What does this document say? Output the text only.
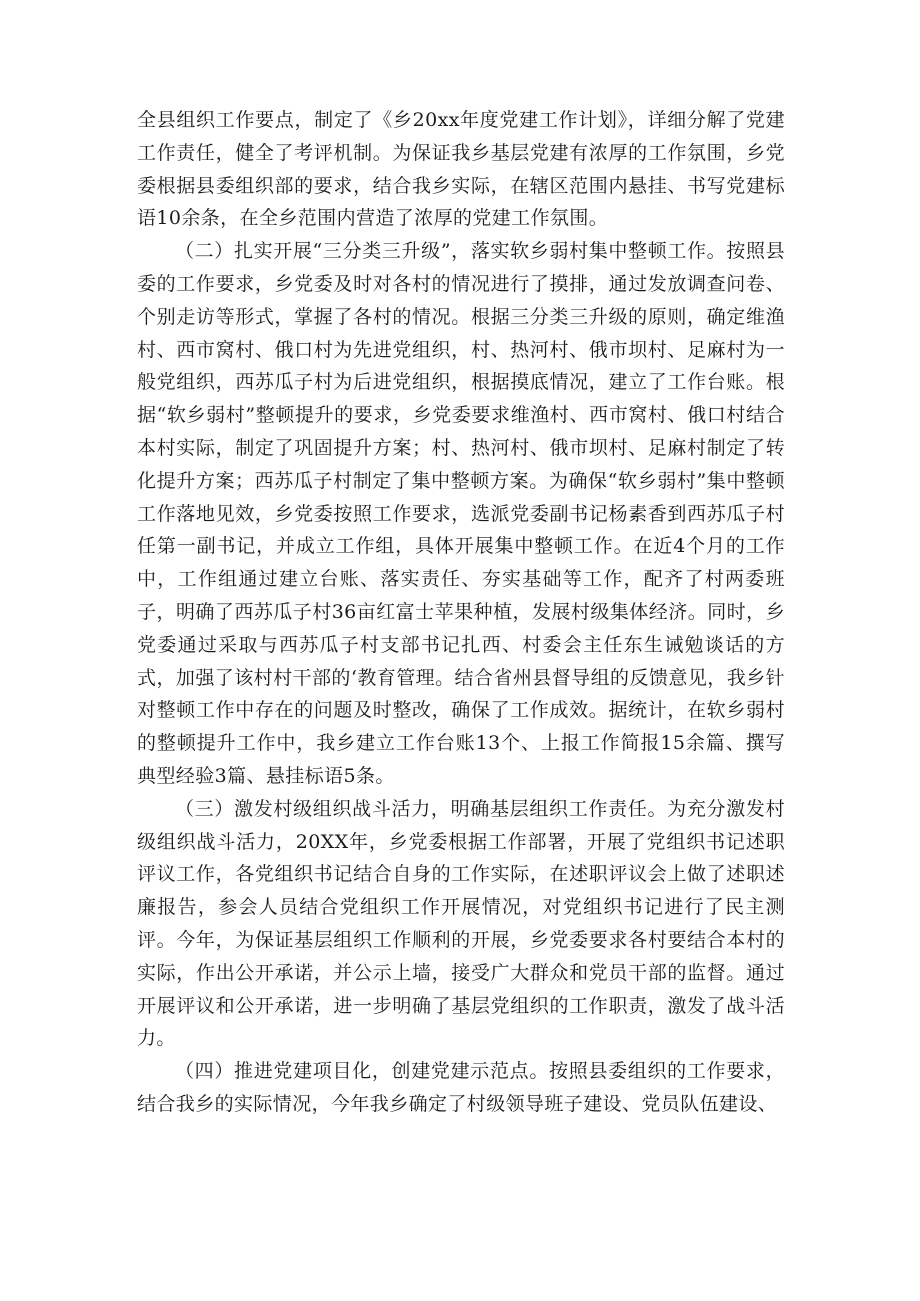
全县组织工作要点，制定了《乡20xx年度党建工作计划》，详细分解了党建工作责任，健全了考评机制。为保证我乡基层党建有浓厚的工作氛围，乡党委根据县委组织部的要求，结合我乡实际，在辖区范围内悬挂、书写党建标语10余条，在全乡范围内营造了浓厚的党建工作氛围。

（二）扎实开展“三分类三升级”，落实软乡弱村集中整顿工作。按照县委的工作要求，乡党委及时对各村的情况进行了摸排，通过发放调查问卷、个别走访等形式，掌握了各村的情况。根据三分类三升级的原则，确定维渔村、西市窝村、俄口村为先进党组织，村、热河村、俄市坝村、足麻村为一般党组织，西苏瓜子村为后进党组织，根据摸底情况，建立了工作台账。根据“软乡弱村”整顿提升的要求，乡党委要求维渔村、西市窝村、俄口村结合本村实际，制定了巩固提升方案；村、热河村、俄市坝村、足麻村制定了转化提升方案；西苏瓜子村制定了集中整顿方案。为确保“软乡弱村”集中整顿工作落地见效，乡党委按照工作要求，选派党委副书记杨素香到西苏瓜子村任第一副书记，并成立工作组，具体开展集中整顿工作。在近4个月的工作中，工作组通过建立台账、落实责任、夯实基础等工作，配齐了村两委班子，明确了西苏瓜子村36亩红富士苹果种植，发展村级集体经济。同时，乡党委通过采取与西苏瓜子村支部书记扎西、村委会主任东生诫勉谈话的方式，加强了该村村干部的‘教育管理。结合省州县督导组的反馈意见，我乡针对整顿工作中存在的问题及时整改，确保了工作成效。据统计，在软乡弱村的整顿提升工作中，我乡建立工作台账13个、上报工作简报15余篇、撰写典型经验3篇、悬挂标语5条。

（三）激发村级组织战斗活力，明确基层组织工作责任。为充分激发村级组织战斗活力，20XX年，乡党委根据工作部署，开展了党组织书记述职评议工作，各党组织书记结合自身的工作实际，在述职评议会上做了述职述廉报告，参会人员结合党组织工作开展情况，对党组织书记进行了民主测评。今年，为保证基层组织工作顺利的开展，乡党委要求各村要结合本村的实际，作出公开承诺，并公示上墙，接受广大群众和党员干部的监督。通过开展评议和公开承诺，进一步明确了基层党组织的工作职责，激发了战斗活力。

（四）推进党建项目化，创建党建示范点。按照县委组织的工作要求，结合我乡的实际情况，今年我乡确定了村级领导班子建设、党员队伍建设、
